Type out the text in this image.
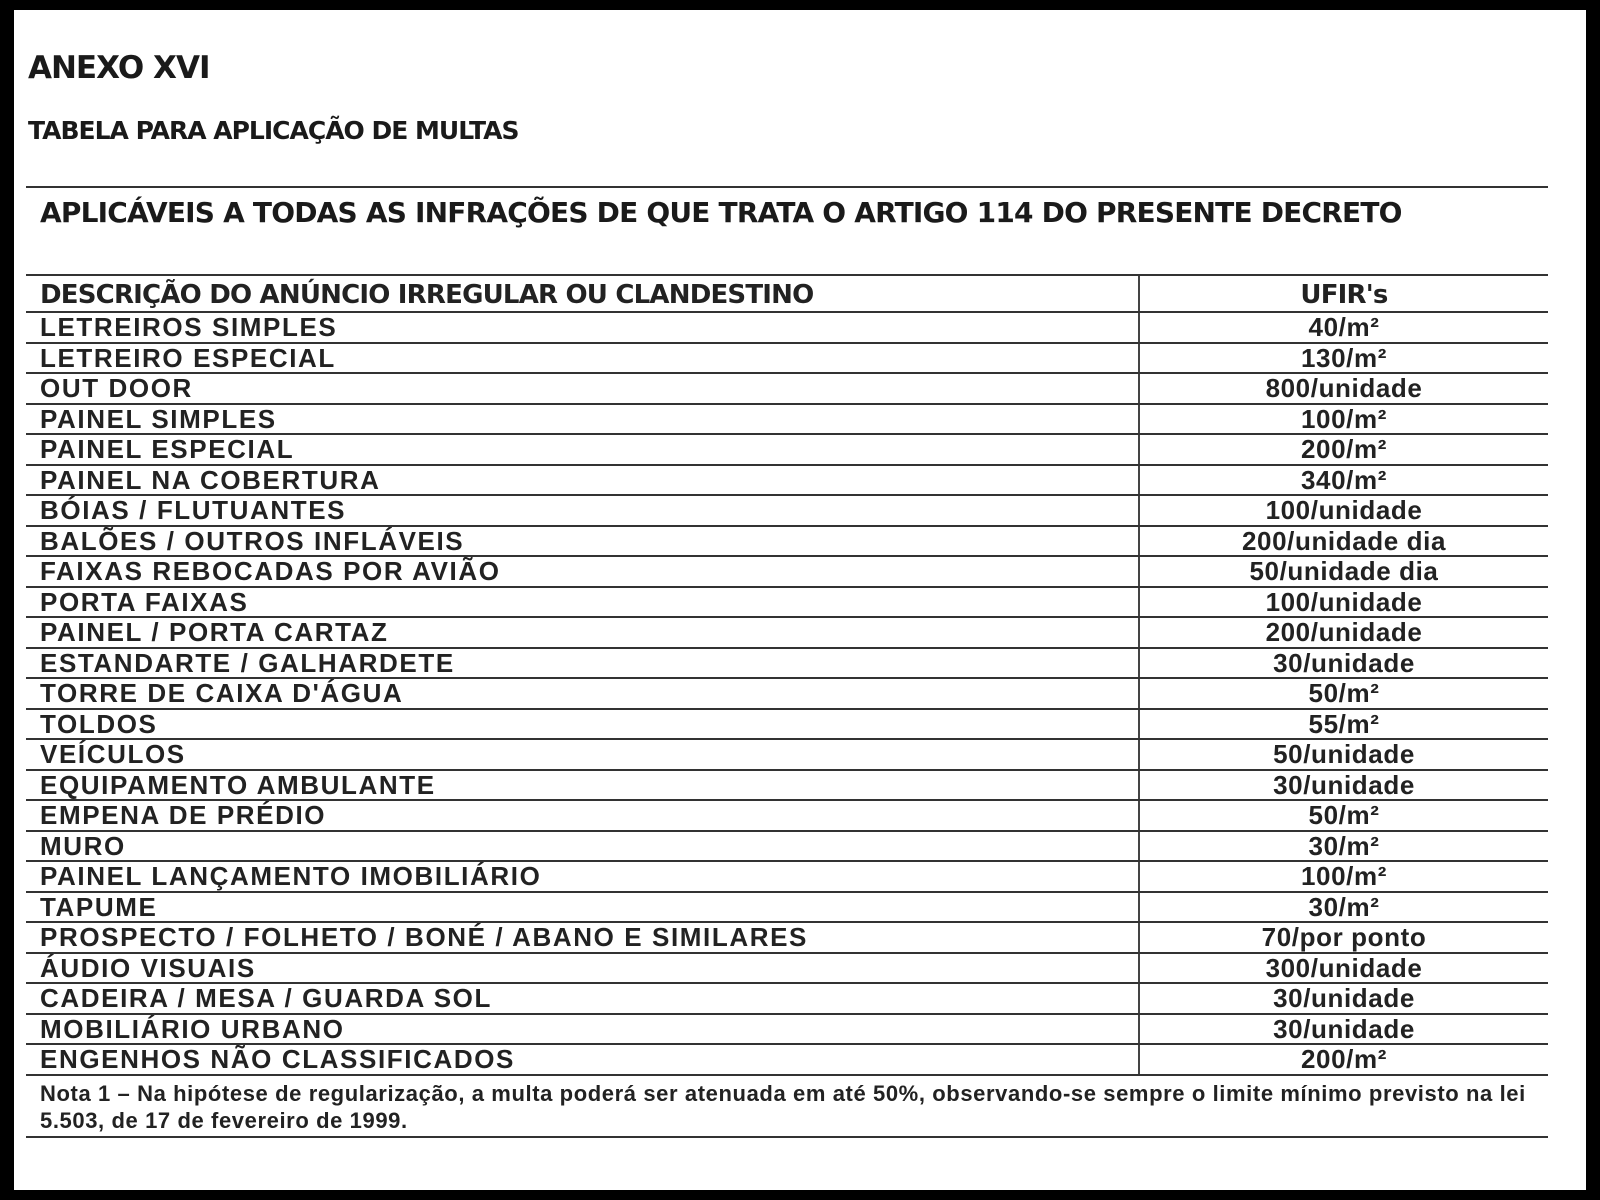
ANEXO XVI
TABELA PARA APLICAÇÃO DE MULTAS
APLICÁVEIS A TODAS AS INFRAÇÕES DE QUE TRATA O ARTIGO 114 DO PRESENTE DECRETO
DESCRIÇÃO DO ANÚNCIO IRREGULAR OU CLANDESTINO	UFIR's
LETREIROS SIMPLES	40/m²
LETREIRO ESPECIAL	130/m²
OUT DOOR	800/unidade
PAINEL SIMPLES	100/m²
PAINEL ESPECIAL	200/m²
PAINEL NA COBERTURA	340/m²
BÓIAS / FLUTUANTES	100/unidade
BALÕES / OUTROS INFLÁVEIS	200/unidade dia
FAIXAS REBOCADAS POR AVIÃO	50/unidade dia
PORTA FAIXAS	100/unidade
PAINEL / PORTA CARTAZ	200/unidade
ESTANDARTE / GALHARDETE	30/unidade
TORRE DE CAIXA D'ÁGUA	50/m²
TOLDOS	55/m²
VEÍCULOS	50/unidade
EQUIPAMENTO AMBULANTE	30/unidade
EMPENA DE PRÉDIO	50/m²
MURO	30/m²
PAINEL LANÇAMENTO IMOBILIÁRIO	100/m²
TAPUME	30/m²
PROSPECTO / FOLHETO / BONÉ / ABANO E SIMILARES	70/por ponto
ÁUDIO VISUAIS	300/unidade
CADEIRA / MESA / GUARDA SOL	30/unidade
MOBILIÁRIO URBANO	30/unidade
ENGENHOS NÃO CLASSIFICADOS	200/m²
Nota 1 – Na hipótese de regularização, a multa poderá ser atenuada em até 50%, observando-se sempre o limite mínimo previsto na lei 5.503, de 17 de fevereiro de 1999.
